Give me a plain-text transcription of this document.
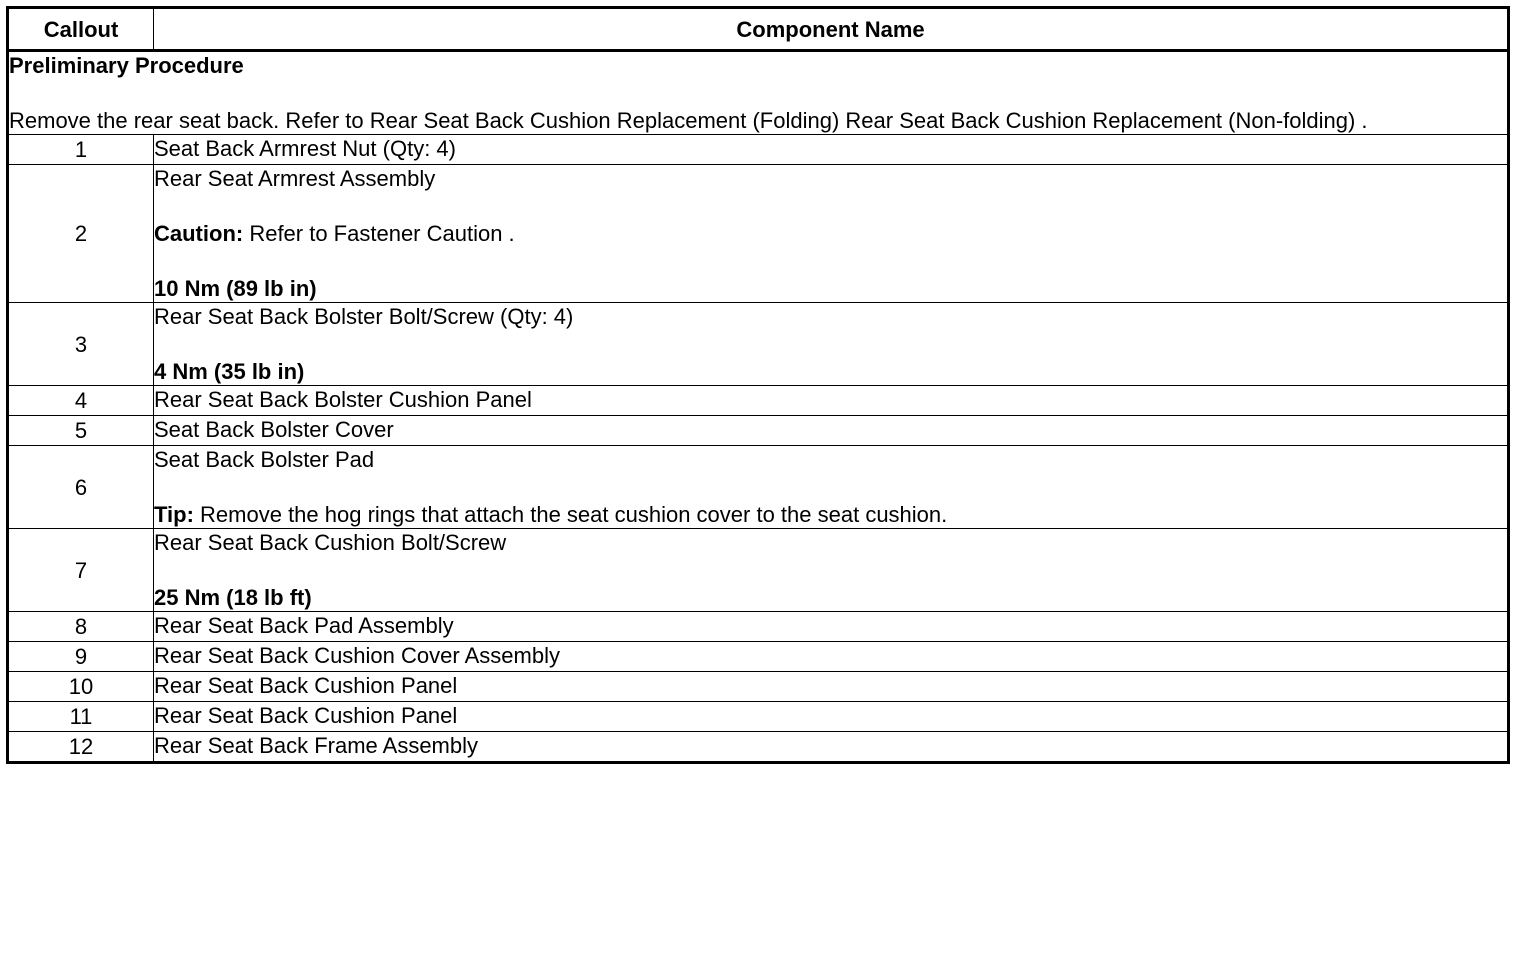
Callout	Component Name

Preliminary Procedure
Remove the rear seat back. Refer to Rear Seat Back Cushion Replacement (Folding) Rear Seat Back Cushion Replacement (Non-folding) .	

1	Seat Back Armrest Nut (Qty: 4)

2	Rear Seat Armrest Assembly
Caution: Refer to Fastener Caution .
10 Nm (89 lb in)

3	Rear Seat Back Bolster Bolt/Screw (Qty: 4)
4 Nm (35 lb in)

4	Rear Seat Back Bolster Cushion Panel

5	Seat Back Bolster Cover

6	Seat Back Bolster Pad
Tip: Remove the hog rings that attach the seat cushion cover to the seat cushion.

7	Rear Seat Back Cushion Bolt/Screw
25 Nm (18 lb ft)

8	Rear Seat Back Pad Assembly

9	Rear Seat Back Cushion Cover Assembly

10	Rear Seat Back Cushion Panel

11	Rear Seat Back Cushion Panel

12	Rear Seat Back Frame Assembly
